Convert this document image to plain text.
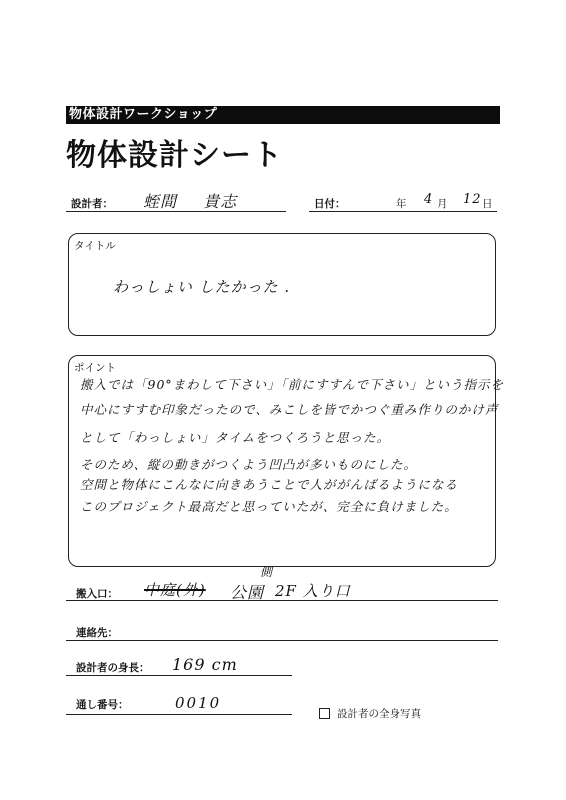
物体設計ワークショップ
物体設計シート
設計者： 蛭間 貴志	日付：	年 4 月 12 日
タイトル
わっしょい したかった .
ポイント
搬入では「90°まわして下さい」「前にすすんで下さい」という指示を
中心にすすむ印象だったので、みこしを皆でかつぐ重み作りのかけ声
として「わっしょい」タイムをつくろうと思った。
そのため、縦の動きがつくよう凹凸が多いものにした。
空間と物体にこんなに向きあうことで人ががんばるようになる
このプロジェクト最高だと思っていたが、完全に負けました。
搬入口： 中庭(外) 公園
側
2F 入り口
連絡先：
設計者の身長： 169 cm
通し番号：	0010
設計者の全身写真
